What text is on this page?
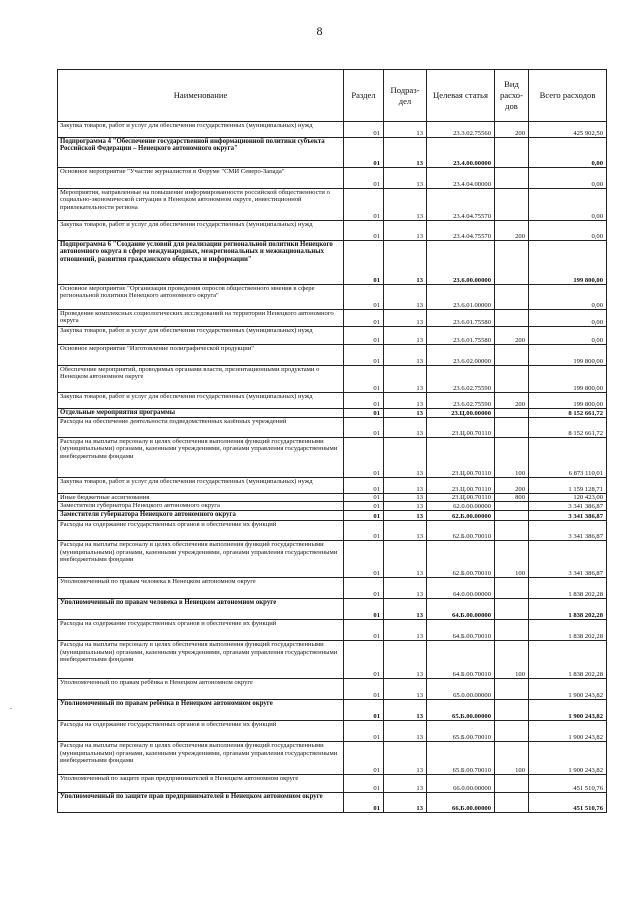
8
Наименование	Раздел	Подраз-дел	Целевая статья	Вид расхо-дов	Всего расходов
Закупка товаров, работ и услуг для обеспечения государственных (муниципальных) нужд	01	13	23.3.02.75560	200	425 902,50
Подпрограмма 4 "Обеспечение государственной информационной политики субъекта Российской Федерации – Ненецкого автономного округа"	01	13	23.4.00.00000		0,00
Основное мероприятие "Участие журналистов в Форуме "СМИ Северо-Запада"	01	13	23.4.04.00000		0,00
Мероприятия, направленные на повышение информированности российской общественности о социально-экономической ситуации в Ненецком автономном округе, инвестиционной привлекательности региона	01	13	23.4.04.75570		0,00
Закупка товаров, работ и услуг для обеспечения государственных (муниципальных) нужд	01	13	23.4.04.75570	200	0,00
Подпрограмма 6 "Создание условий для реализации региональной политики Ненецкого автономного округа в сфере международных, межрегиональных и межнациональных отношений, развития гражданского общества и информации"	01	13	23.6.00.00000		199 800,00
Основное мероприятие "Организация проведения опросов общественного мнения в сфере региональной политики Ненецкого автономного округа"	01	13	23.6.01.00000		0,00
Проведение комплексных социологических исследований на территории Ненецкого автономного округа	01	13	23.6.01.75580		0,00
Закупка товаров, работ и услуг для обеспечения государственных (муниципальных) нужд	01	13	23.6.01.75580	200	0,00
Основное мероприятие "Изготовление полиграфической продукции"	01	13	23.6.02.00000		199 800,00
Обеспечение мероприятий, проводимых органами власти, презентационными продуктами о Ненецком автономном округе	01	13	23.6.02.75590		199 800,00
Закупка товаров, работ и услуг для обеспечения государственных (муниципальных) нужд	01	13	23.6.02.75590	200	199 800,00
Отдельные мероприятия программы	01	13	23.Ц.00.00000		8 152 661,72
Расходы на обеспечение деятельности подведомственных казённых учреждений	01	13	23.Ц.00.70110		8 152 661,72
Расходы на выплаты персоналу в целях обеспечения выполнения функций государственными (муниципальными) органами, казенными учреждениями, органами управления государственными внебюджетными фондами	01	13	23.Ц.00.70110	100	6 873 110,01
Закупка товаров, работ и услуг для обеспечения государственных (муниципальных) нужд	01	13	23.Ц.00.70110	200	1 159 128,71
Иные бюджетные ассигнования	01	13	23.Ц.00.70110	800	120 423,00
Заместители губернатора Ненецкого автономного округа	01	13	62.0.00.00000		3 341 386,87
Заместители губернатора Ненецкого автономного округа	01	13	62.Б.00.00000		3 341 386,87
Расходы на содержание государственных органов и обеспечение их функций	01	13	62.Б.00.70010		3 341 386,87
Расходы на выплаты персоналу в целях обеспечения выполнения функций государственными (муниципальными) органами, казенными учреждениями, органами управления государственными внебюджетными фондами	01	13	62.Б.00.70010	100	3 341 386,87
Уполномоченный по правам человека в Ненецком автономном округе	01	13	64.0.00.00000		1 838 202,28
Уполномоченный по правам человека в Ненецком автономном округе	01	13	64.Б.00.00000		1 838 202,28
Расходы на содержание государственных органов и обеспечение их функций	01	13	64.Б.00.70010		1 838 202,28
Расходы на выплаты персоналу в целях обеспечения выполнения функций государственными (муниципальными) органами, казенными учреждениями, органами управления государственными внебюджетными фондами	01	13	64.Б.00.70010	100	1 838 202,28
Уполномоченный по правам ребёнка в Ненецком автономном округе	01	13	65.0.00.00000		1 900 243,82
Уполномоченный по правам ребёнка в Ненецком автономном округе	01	13	65.Б.00.00000		1 900 243,82
Расходы на содержание государственных органов и обеспечение их функций	01	13	65.Б.00.70010		1 900 243,82
Расходы на выплаты персоналу в целях обеспечения выполнения функций государственными (муниципальными) органами, казенными учреждениями, органами управления государственными внебюджетными фондами	01	13	65.Б.00.70010	100	1 900 243,82
Уполномоченный по защите прав предпринимателей в Ненецком автономном округе	01	13	66.0.00.00000		451 510,76
Уполномоченный по защите прав предпринимателей в Ненецком автономном округе	01	13	66.Б.00.00000		451 510,76
-
